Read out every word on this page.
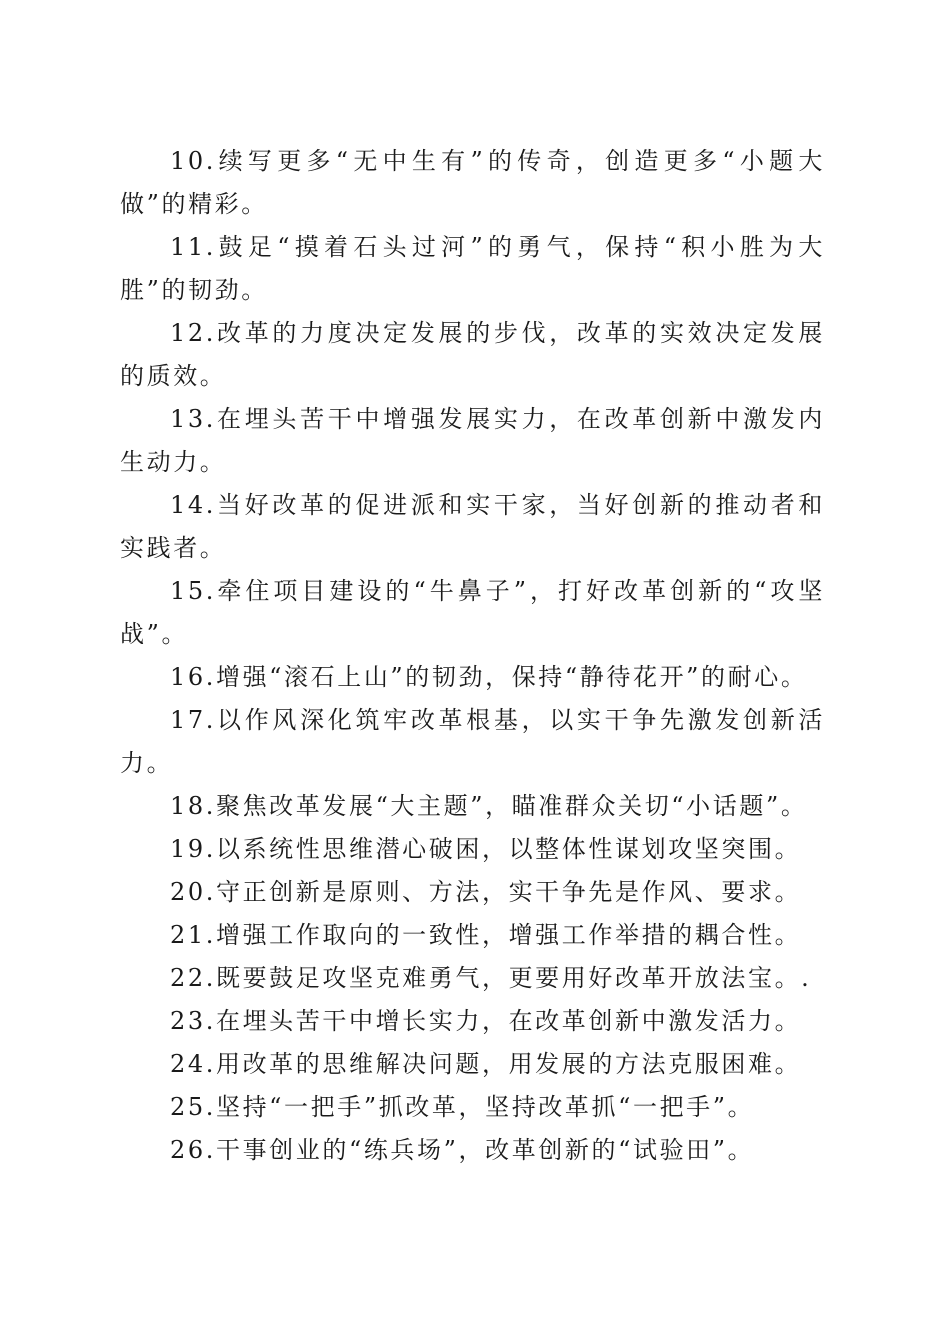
10.续写更多“无中生有”的传奇，创造更多“小题大做”的精彩。

11.鼓足“摸着石头过河”的勇气，保持“积小胜为大胜”的韧劲。

12.改革的力度决定发展的步伐，改革的实效决定发展的质效。

13.在埋头苦干中增强发展实力，在改革创新中激发内生动力。

14.当好改革的促进派和实干家，当好创新的推动者和实践者。

15.牵住项目建设的“牛鼻子”，打好改革创新的“攻坚战”。

16.增强“滚石上山”的韧劲，保持“静待花开”的耐心。

17.以作风深化筑牢改革根基，以实干争先激发创新活力。

18.聚焦改革发展“大主题”，瞄准群众关切“小话题”。

19.以系统性思维潜心破困，以整体性谋划攻坚突围。

20.守正创新是原则、方法，实干争先是作风、要求。

21.增强工作取向的一致性，增强工作举措的耦合性。

22.既要鼓足攻坚克难勇气，更要用好改革开放法宝。.

23.在埋头苦干中增长实力，在改革创新中激发活力。

24.用改革的思维解决问题，用发展的方法克服困难。

25.坚持“一把手”抓改革，坚持改革抓“一把手”。

26.干事创业的“练兵场”，改革创新的“试验田”。
